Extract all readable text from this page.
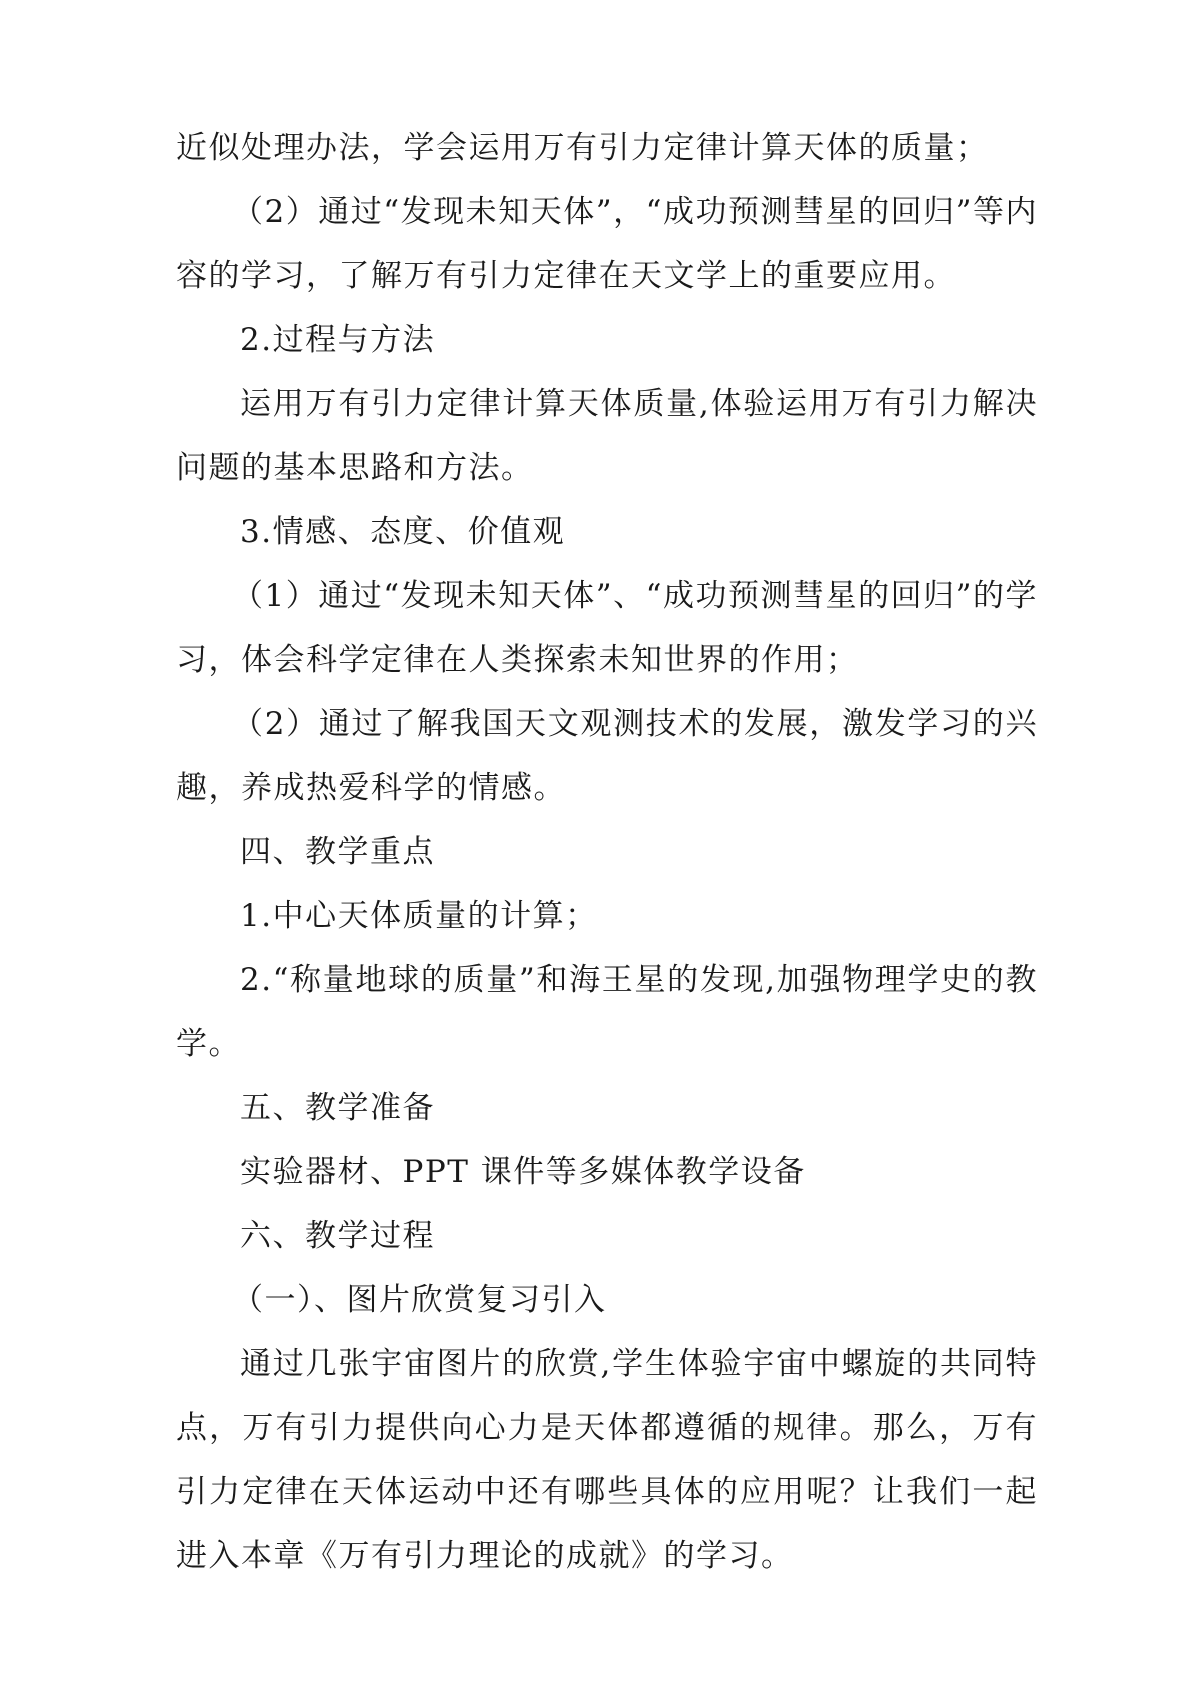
近似处理办法，学会运用万有引力定律计算天体的质量；

（2）通过“发现未知天体”，“成功预测彗星的回归”等内容的学习，了解万有引力定律在天文学上的重要应用。

2.过程与方法

运用万有引力定律计算天体质量,体验运用万有引力解决问题的基本思路和方法。

3.情感、态度、价值观

（1）通过“发现未知天体”、“成功预测彗星的回归”的学习，体会科学定律在人类探索未知世界的作用；

（2）通过了解我国天文观测技术的发展，激发学习的兴趣，养成热爱科学的情感。

四、教学重点

1.中心天体质量的计算；

2.“称量地球的质量”和海王星的发现,加强物理学史的教学。

五、教学准备

实验器材、PPT 课件等多媒体教学设备

六、教学过程

（一）、图片欣赏复习引入

通过几张宇宙图片的欣赏,学生体验宇宙中螺旋的共同特点，万有引力提供向心力是天体都遵循的规律。那么，万有引力定律在天体运动中还有哪些具体的应用呢？让我们一起进入本章《万有引力理论的成就》的学习。
